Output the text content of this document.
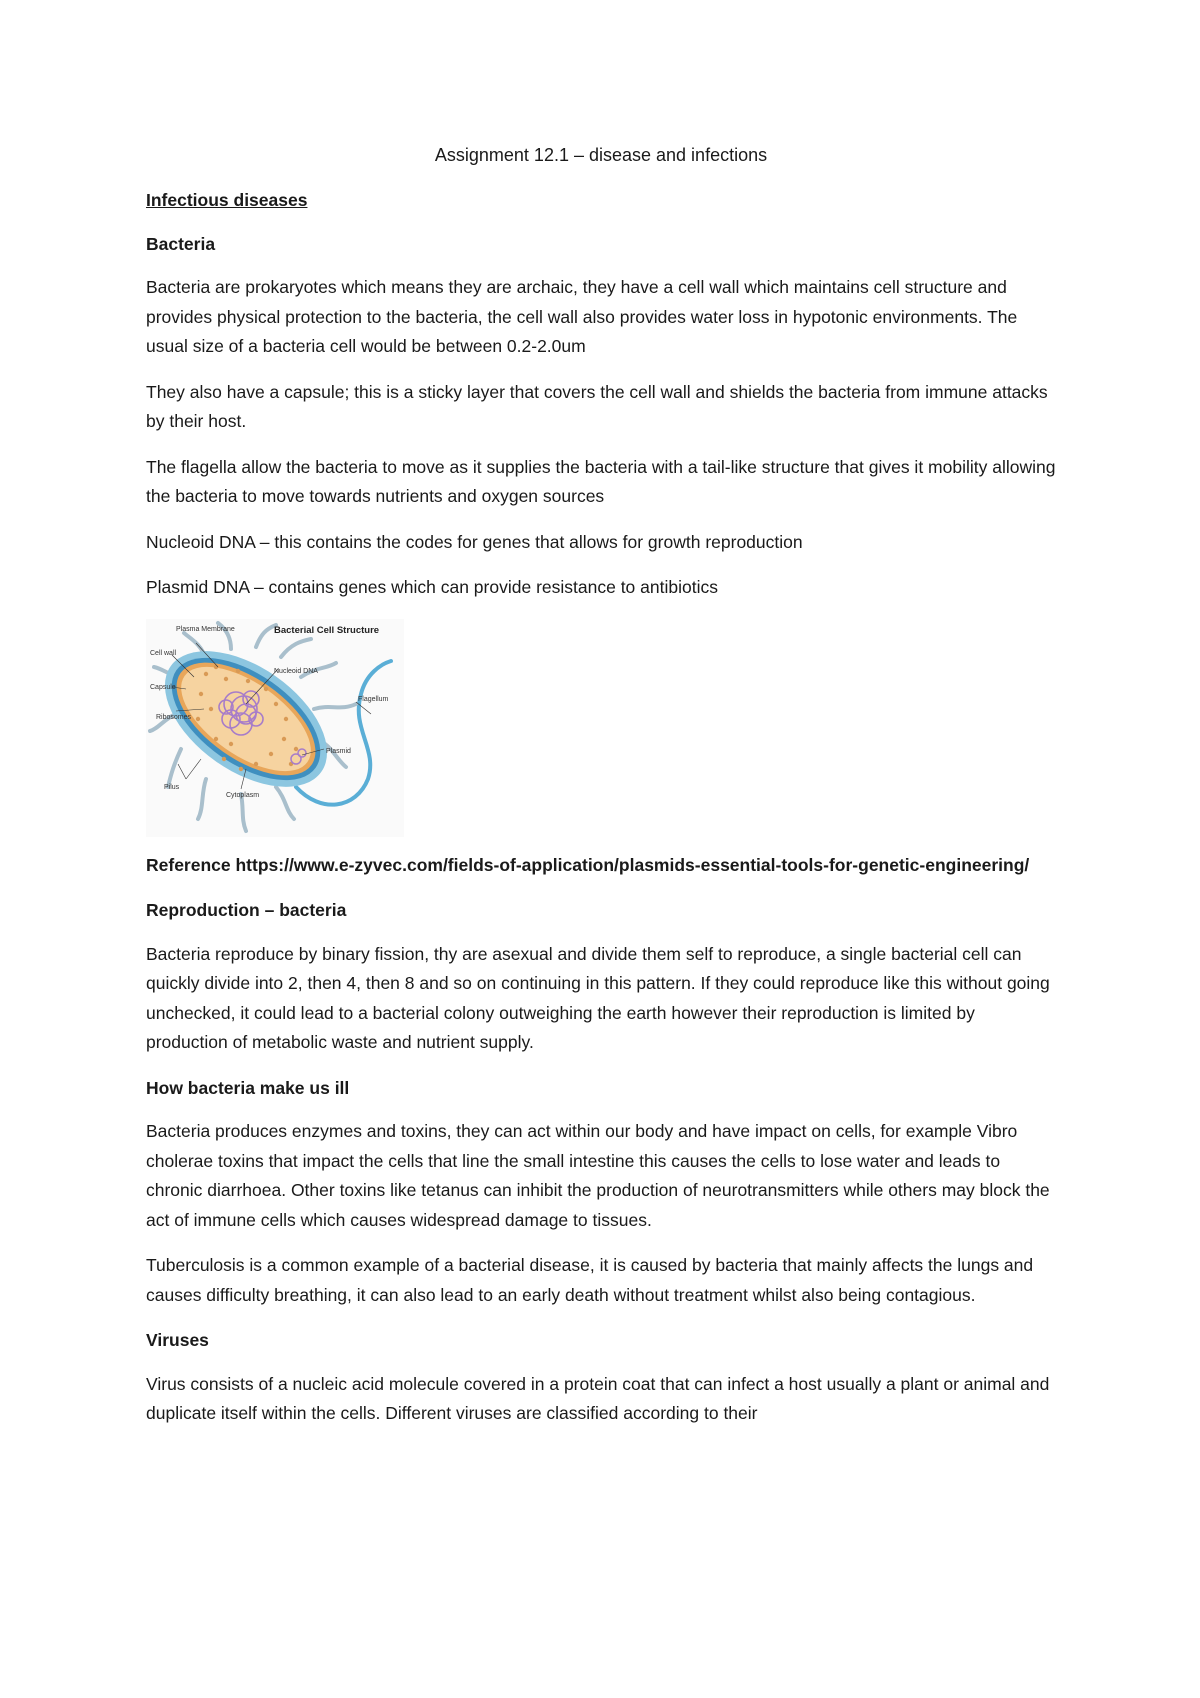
Assignment 12.1 – disease and infections

Infectious diseases

Bacteria

Bacteria are prokaryotes which means they are archaic, they have a cell wall which maintains cell structure and provides physical protection to the bacteria, the cell wall also provides water loss in hypotonic environments. The usual size of a bacteria cell would be between 0.2-2.0um

They also have a capsule; this is a sticky layer that covers the cell wall and shields the bacteria from immune attacks by their host.

The flagella allow the bacteria to move as it supplies the bacteria with a tail-like structure that gives it mobility allowing the bacteria to move towards nutrients and oxygen sources

Nucleoid DNA – this contains the codes for genes that allows for growth reproduction

Plasmid DNA – contains genes which can provide resistance to antibiotics

Bacterial Cell Structure
Plasma Membrane
Cell wall
Capsule
Ribosomes
Pilus
Cytoplasm
Nucleoid DNA
Flagellum
Plasmid

Reference https://www.e-zyvec.com/fields-of-application/plasmids-essential-tools-for-genetic-engineering/

Reproduction – bacteria

Bacteria reproduce by binary fission, thy are asexual and divide them self to reproduce, a single bacterial cell can quickly divide into 2, then 4, then 8 and so on continuing in this pattern. If they could reproduce like this without going unchecked, it could lead to a bacterial colony outweighing the earth however their reproduction is limited by production of metabolic waste and nutrient supply.

How bacteria make us ill

Bacteria produces enzymes and toxins, they can act within our body and have impact on cells, for example Vibro cholerae toxins that impact the cells that line the small intestine this causes the cells to lose water and leads to chronic diarrhoea. Other toxins like tetanus can inhibit the production of neurotransmitters while others may block the act of immune cells which causes widespread damage to tissues.

Tuberculosis is a common example of a bacterial disease, it is caused by bacteria that mainly affects the lungs and causes difficulty breathing, it can also lead to an early death without treatment whilst also being contagious.

Viruses

Virus consists of a nucleic acid molecule covered in a protein coat that can infect a host usually a plant or animal and duplicate itself within the cells. Different viruses are classified according to their
